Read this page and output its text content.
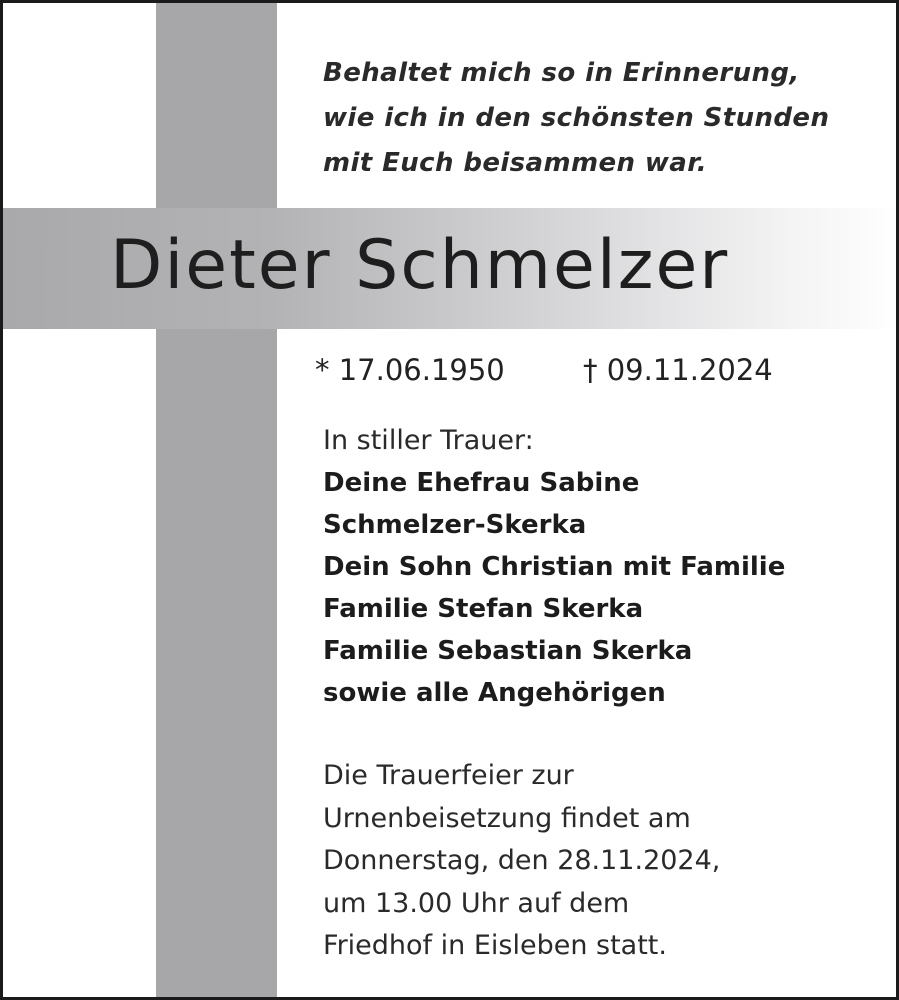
Behaltet mich so in Erinnerung,
wie ich in den schönsten Stunden
mit Euch beisammen war.

Dieter Schmelzer
* 17.06.1950	† 09.11.2024
In stiller Trauer:
Deine Ehefrau Sabine
Schmelzer-Skerka
Dein Sohn Christian mit Familie
Familie Stefan Skerka
Familie Sebastian Skerka
sowie alle Angehörigen
Die Trauerfeier zur
Urnenbeisetzung findet am
Donnerstag, den 28.11.2024,
um 13.00 Uhr auf dem
Friedhof in Eisleben statt.
